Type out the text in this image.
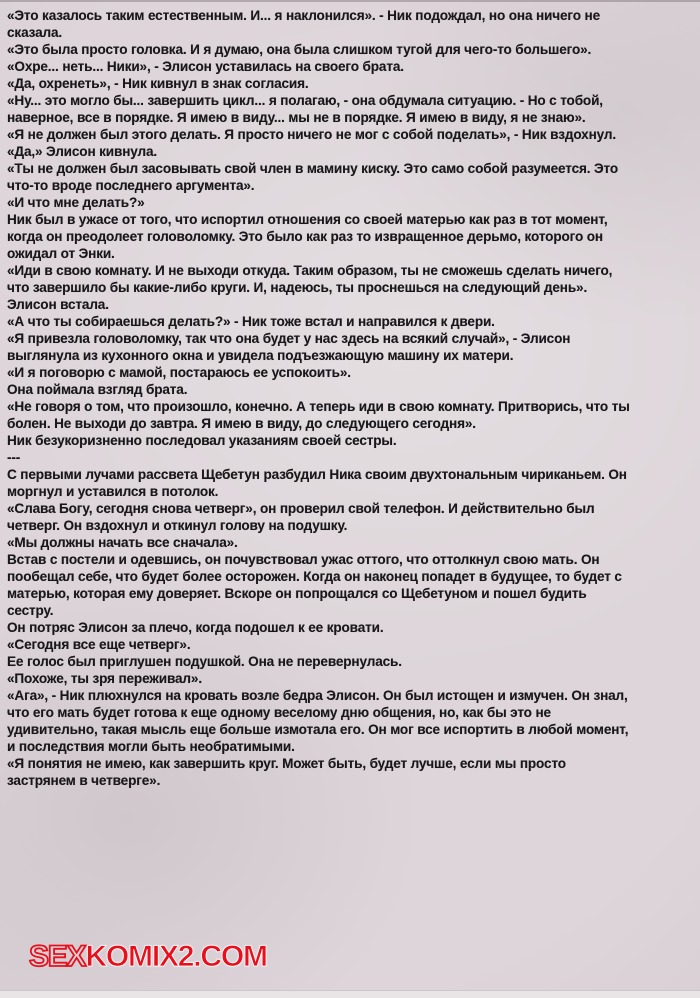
«Это казалось таким естественным. И... я наклонился». - Ник подождал, но она ничего не
сказала.
«Это была просто головка. И я думаю, она была слишком тугой для чего-то большего».
«Охре... неть... Ники», - Элисон уставилась на своего брата.
«Да, охренеть», - Ник кивнул в знак согласия.
«Ну... это могло бы... завершить цикл... я полагаю, - она обдумала ситуацию. - Но с тобой,
наверное, все в порядке. Я имею в виду... мы не в порядке. Я имею в виду, я не знаю».
«Я не должен был этого делать. Я просто ничего не мог с собой поделать», - Ник вздохнул.
«Да,» Элисон кивнула.
«Ты не должен был засовывать свой член в мамину киску. Это само собой разумеется. Это
что-то вроде последнего аргумента».
«И что мне делать?»
Ник был в ужасе от того, что испортил отношения со своей матерью как раз в тот момент,
когда он преодолеет головоломку. Это было как раз то извращенное дерьмо, которого он
ожидал от Энки.
«Иди в свою комнату. И не выходи откуда. Таким образом, ты не сможешь сделать ничего,
что завершило бы какие-либо круги. И, надеюсь, ты проснешься на следующий день».
Элисон встала.
«А что ты собираешься делать?» - Ник тоже встал и направился к двери.
«Я привезла головоломку, так что она будет у нас здесь на всякий случай», - Элисон
выглянула из кухонного окна и увидела подъезжающую машину их матери.
«И я поговорю с мамой, постараюсь ее успокоить».
Она поймала взгляд брата.
«Не говоря о том, что произошло, конечно. А теперь иди в свою комнату. Притворись, что ты
болен. Не выходи до завтра. Я имею в виду, до следующего сегодня».
Ник безукоризненно последовал указаниям своей сестры.
---
С первыми лучами рассвета Щебетун разбудил Ника своим двухтональным чириканьем. Он
моргнул и уставился в потолок.
«Слава Богу, сегодня снова четверг», он проверил свой телефон. И действительно был
четверг. Он вздохнул и откинул голову на подушку.
«Мы должны начать все сначала».
Встав с постели и одевшись, он почувствовал ужас оттого, что оттолкнул свою мать. Он
пообещал себе, что будет более осторожен. Когда он наконец попадет в будущее, то будет с
матерью, которая ему доверяет. Вскоре он попрощался со Щебетуном и пошел будить
сестру.
Он потряс Элисон за плечо, когда подошел к ее кровати.
«Сегодня все еще четверг».
Ее голос был приглушен подушкой. Она не перевернулась.
«Похоже, ты зря переживал».
«Ага», - Ник плюхнулся на кровать возле бедра Элисон. Он был истощен и измучен. Он знал,
что его мать будет готова к еще одному веселому дню общения, но, как бы это не
удивительно, такая мысль еще больше измотала его. Он мог все испортить в любой момент,
и последствия могли быть необратимыми.
«Я понятия не имею, как завершить круг. Может быть, будет лучше, если мы просто
застрянем в четверге».
SEXKOMIX2.COM
